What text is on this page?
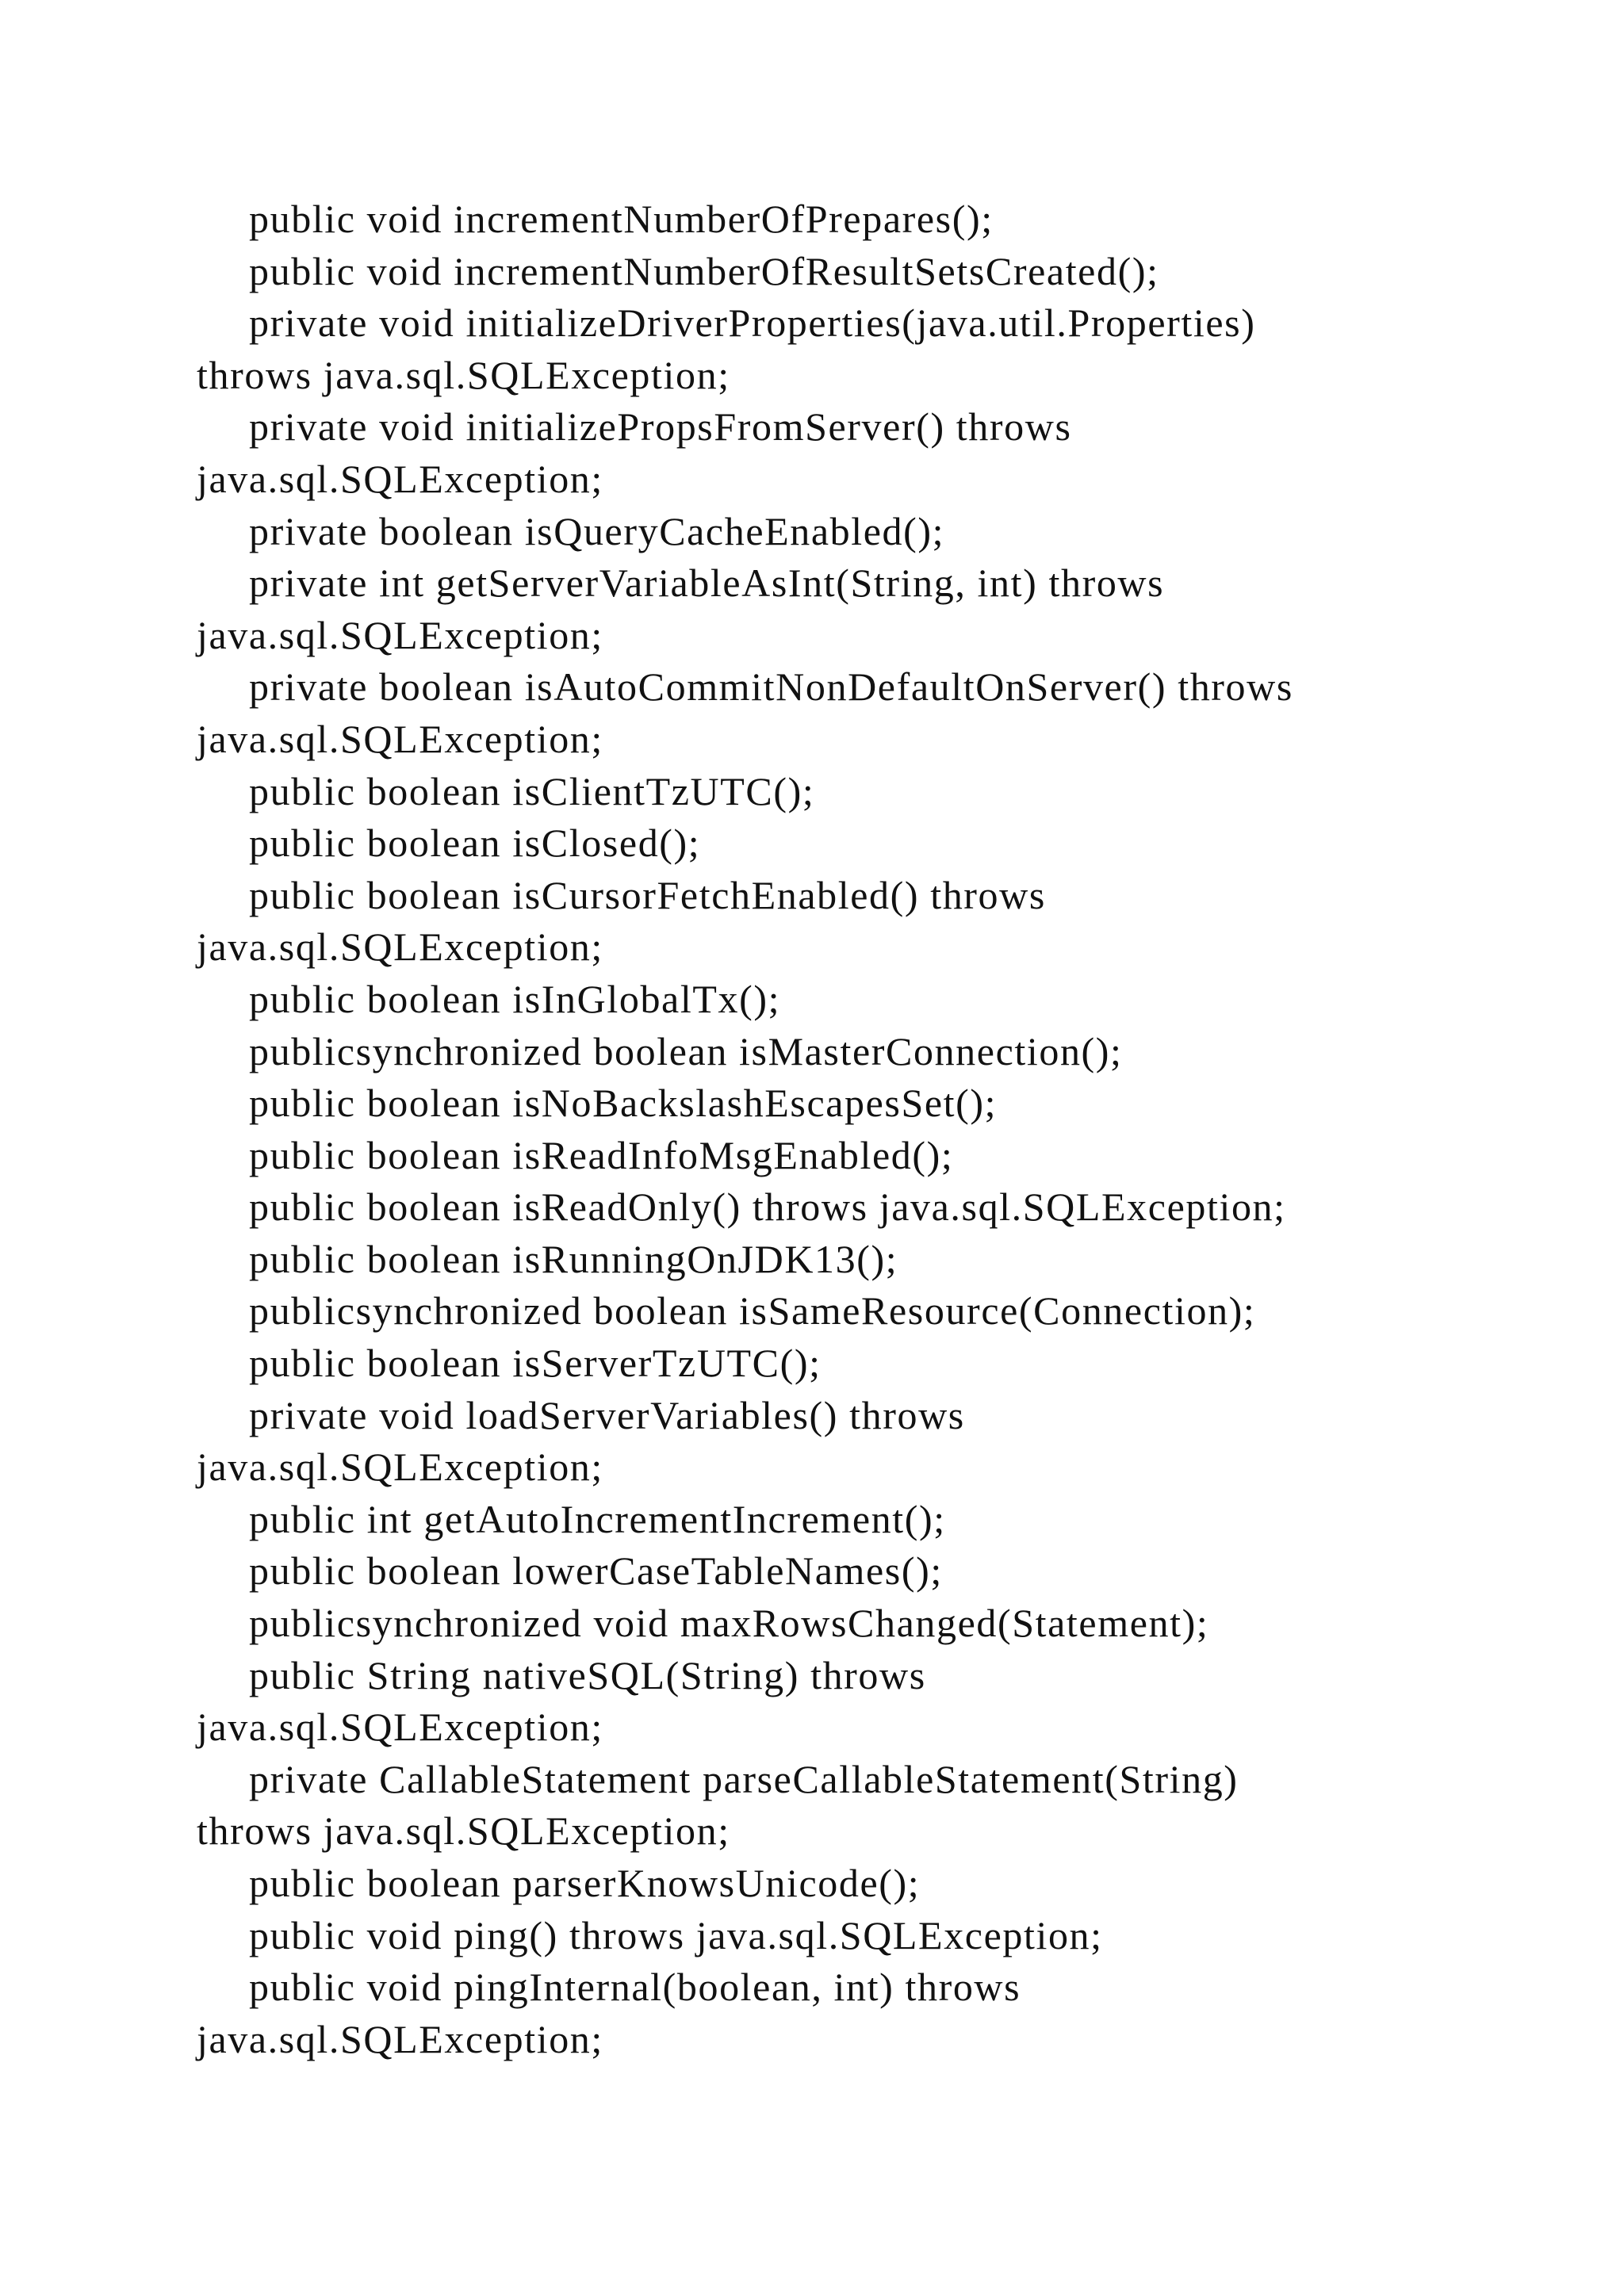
public void incrementNumberOfPrepares();
public void incrementNumberOfResultSetsCreated();
private void initializeDriverProperties(java.util.Properties)
throws java.sql.SQLException;
private void initializePropsFromServer() throws
java.sql.SQLException;
private boolean isQueryCacheEnabled();
private int getServerVariableAsInt(String, int) throws
java.sql.SQLException;
private boolean isAutoCommitNonDefaultOnServer() throws
java.sql.SQLException;
public boolean isClientTzUTC();
public boolean isClosed();
public boolean isCursorFetchEnabled() throws
java.sql.SQLException;
public boolean isInGlobalTx();
publicsynchronized boolean isMasterConnection();
public boolean isNoBackslashEscapesSet();
public boolean isReadInfoMsgEnabled();
public boolean isReadOnly() throws java.sql.SQLException;
public boolean isRunningOnJDK13();
publicsynchronized boolean isSameResource(Connection);
public boolean isServerTzUTC();
private void loadServerVariables() throws
java.sql.SQLException;
public int getAutoIncrementIncrement();
public boolean lowerCaseTableNames();
publicsynchronized void maxRowsChanged(Statement);
public String nativeSQL(String) throws
java.sql.SQLException;
private CallableStatement parseCallableStatement(String)
throws java.sql.SQLException;
public boolean parserKnowsUnicode();
public void ping() throws java.sql.SQLException;
public void pingInternal(boolean, int) throws
java.sql.SQLException;
